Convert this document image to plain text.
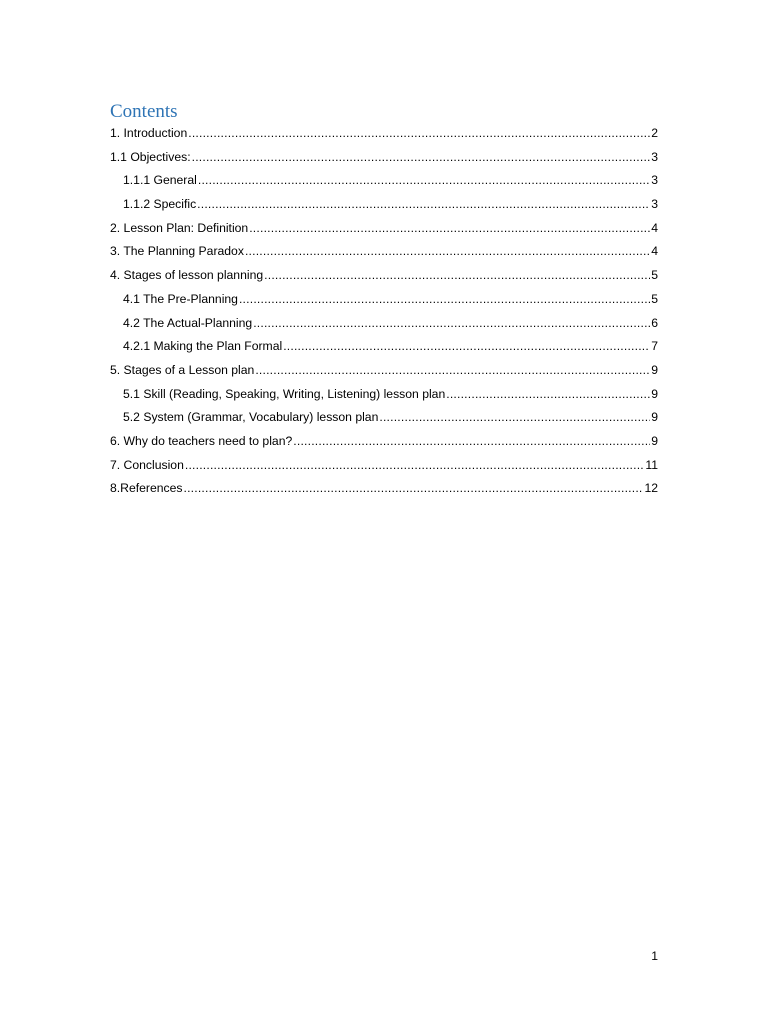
Contents
1. Introduction .....	2
1.1 Objectives: .....	3
1.1.1 General .....	3
1.1.2 Specific .....	3
2. Lesson Plan: Definition .....	4
3. The Planning Paradox .....	4
4. Stages of lesson planning .....	5
4.1 The Pre-Planning .....	5
4.2 The Actual-Planning .....	6
4.2.1 Making the Plan Formal .....	7
5. Stages of a Lesson plan .....	9
5.1 Skill (Reading, Speaking, Writing, Listening) lesson plan .....	9
5.2 System (Grammar, Vocabulary) lesson plan .....	9
6. Why do teachers need to plan? .....	9
7. Conclusion .....	11
8.References .....	12
1
